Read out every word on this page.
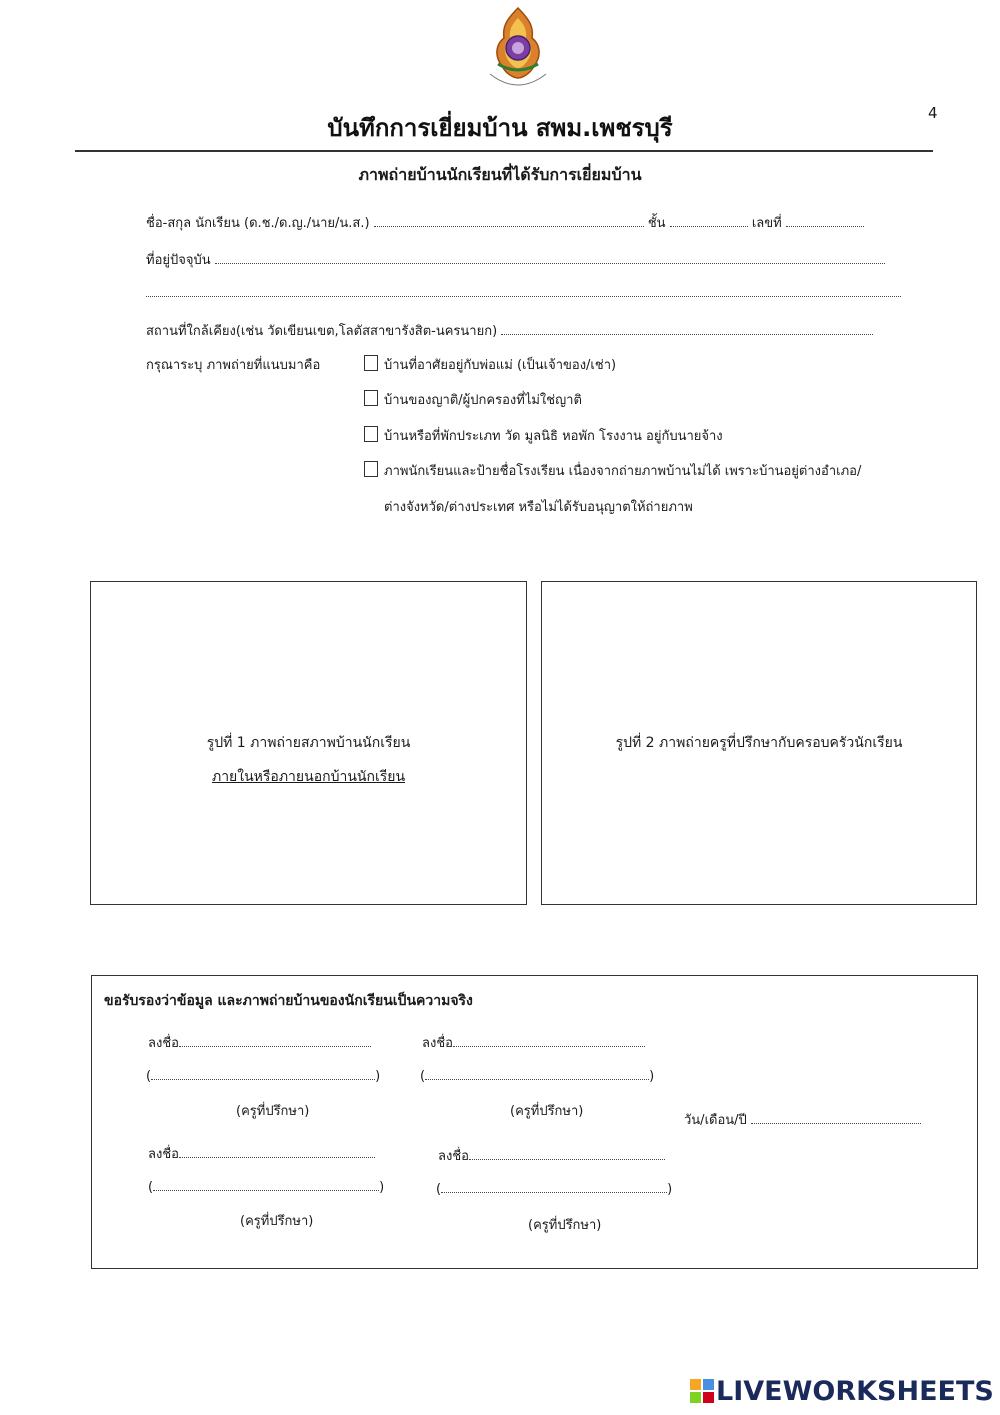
บันทึกการเยี่ยมบ้าน สพม.เพชรบุรี
4
ภาพถ่ายบ้านนักเรียนที่ได้รับการเยี่ยมบ้าน
ชื่อ-สกุล นักเรียน (ด.ช./ด.ญ./นาย/น.ส.)	ชั้น	เลขที่
ที่อยู่ปัจจุบัน
สถานที่ใกล้เคียง(เช่น วัดเขียนเขต,โลตัสสาขารังสิต-นครนายก)
กรุณาระบุ ภาพถ่ายที่แนบมาคือ	บ้านที่อาศัยอยู่กับพ่อแม่ (เป็นเจ้าของ/เช่า)
บ้านของญาติ/ผู้ปกครองที่ไม่ใช่ญาติ
บ้านหรือที่พักประเภท วัด มูลนิธิ หอพัก โรงงาน อยู่กับนายจ้าง
ภาพนักเรียนและป้ายชื่อโรงเรียน เนื่องจากถ่ายภาพบ้านไม่ได้ เพราะบ้านอยู่ต่างอำเภอ/
ต่างจังหวัด/ต่างประเทศ หรือไม่ได้รับอนุญาตให้ถ่ายภาพ
รูปที่ 1 ภาพถ่ายสภาพบ้านนักเรียน
ภายในหรือภายนอกบ้านนักเรียน
รูปที่ 2 ภาพถ่ายครูที่ปรึกษากับครอบครัวนักเรียน
ขอรับรองว่าข้อมูล และภาพถ่ายบ้านของนักเรียนเป็นความจริง
ลงชื่อ
(	)
(ครูที่ปรึกษา)
ลงชื่อ
(	)
(ครูที่ปรึกษา)
วัน/เดือน/ปี
ลงชื่อ
(	)
(ครูที่ปรึกษา)
ลงชื่อ
(	)
(ครูที่ปรึกษา)
LIVEWORKSHEETS
